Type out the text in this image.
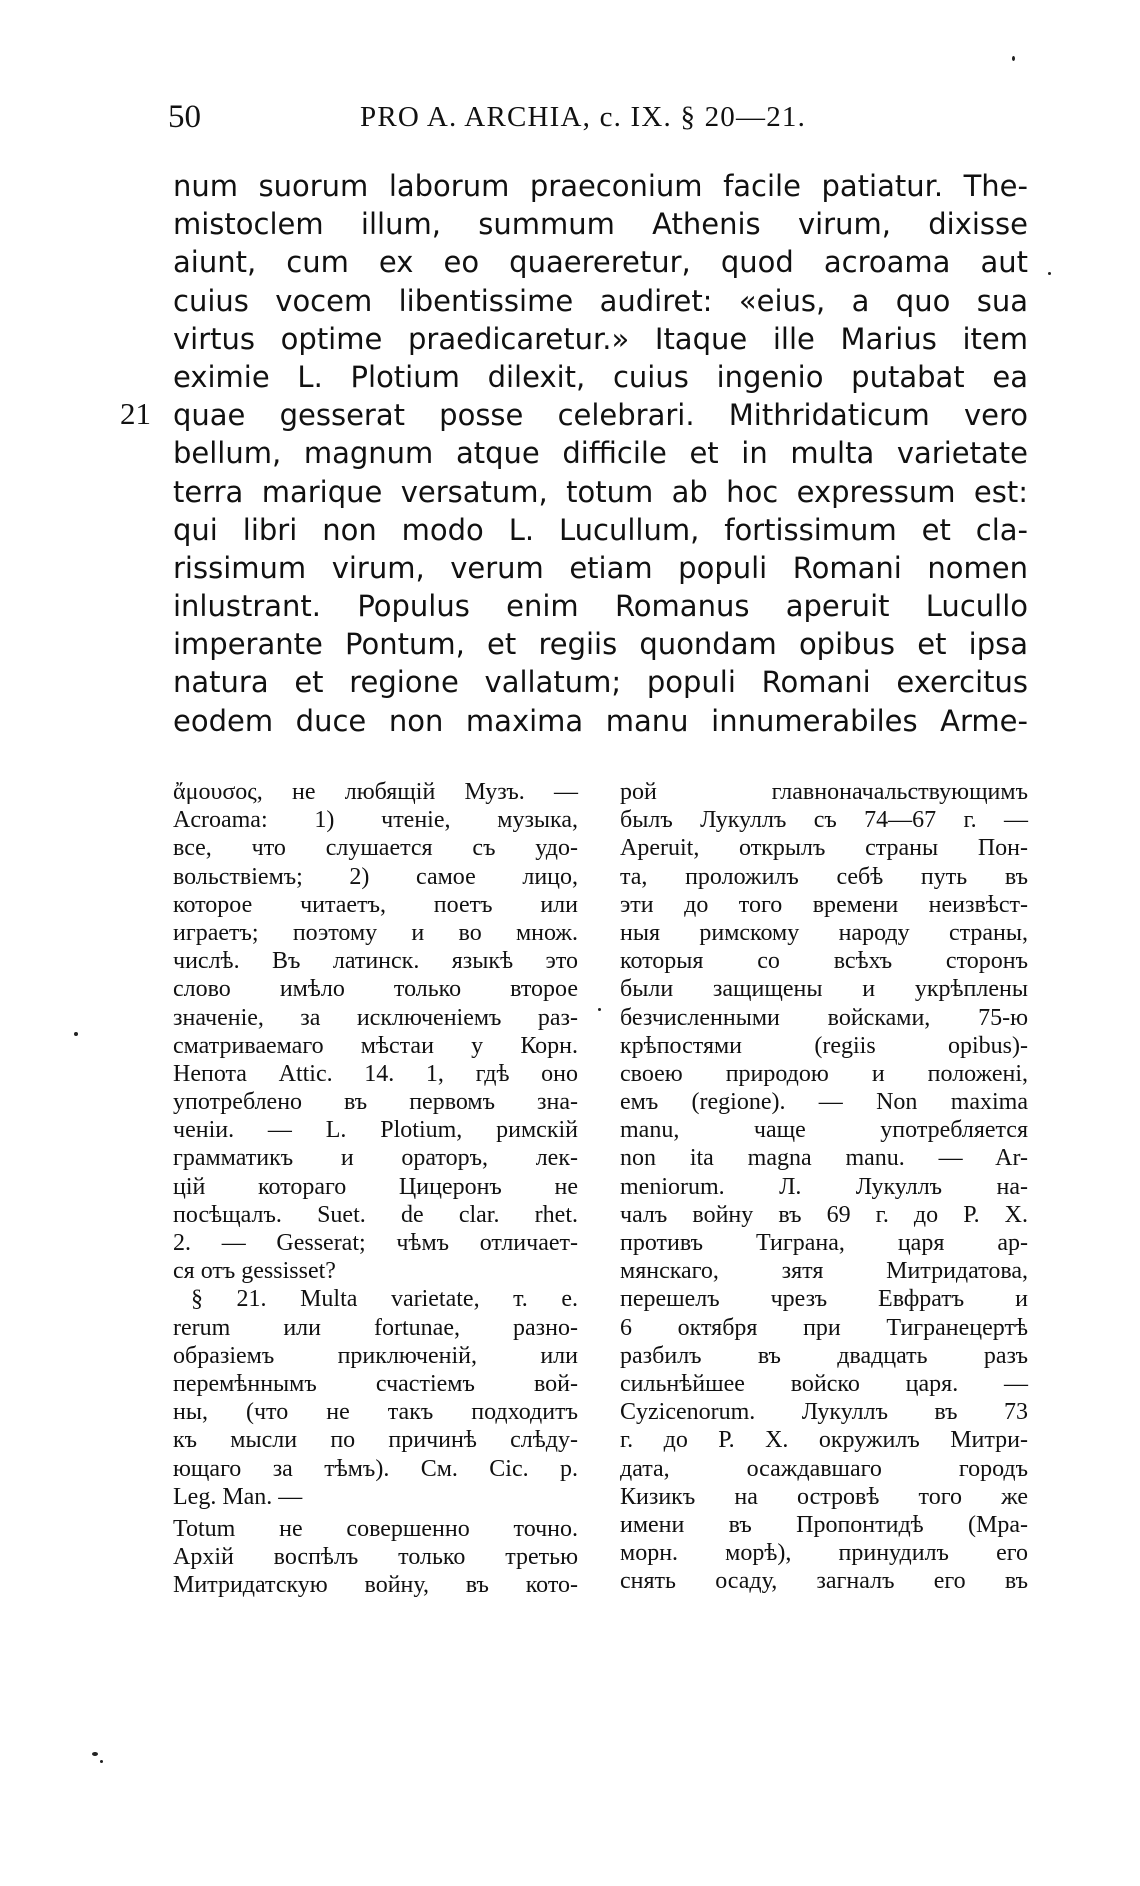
50	PRO A. ARCHIA, c. IX. § 20—21.
21
num suorum laborum praeconium facile patiatur. The-
mistoclem illum, summum Athenis virum, dixisse
aiunt, cum ex eo quaereretur, quod acroama aut
cuius vocem libentissime audiret: «eius, a quo sua
virtus optime praedicaretur.» Itaque ille Marius item
eximie L. Plotium dilexit, cuius ingenio putabat ea
quae gesserat posse celebrari. Mithridaticum vero
bellum, magnum atque difficile et in multa varietate
terra marique versatum, totum ab hoc expressum est:
qui libri non modo L. Lucullum, fortissimum et cla-
rissimum virum, verum etiam populi Romani nomen
inlustrant. Populus enim Romanus aperuit Lucullo
imperante Pontum, et regiis quondam opibus et ipsa
natura et regione vallatum; populi Romani exercitus
eodem duce non maxima manu innumerabiles Arme-
ἄμουσος, не любящій Музъ. —
Acroama: 1) чтеніе, музыка,
все, что слушается съ удо-
вольствіемъ; 2) самое лицо,
которое читаетъ, поетъ или
играетъ; поэтому и во множ.
числѣ. Въ латинск. языкѣ это
слово имѣло только второе
значеніе, за исключеніемъ раз-
сматриваемаго мѣстаи у Корн.
Непота Attic. 14. 1, гдѣ оно
употреблено въ первомъ зна-
ченіи. — L. Plotium, римскій
грамматикъ и ораторъ, лек-
цій котораго Цицеронъ не
посѣщалъ. Suet. de clar. rhet.
2. — Gesserat; чѣмъ отличает-
ся отъ gessisset?
§ 21. Multa varietate, т. е.
rerum или fortunae, разно-
образіемъ приключеній, или
перемѣннымъ счастіемъ вой-
ны, (что не такъ подходитъ
къ мысли по причинѣ слѣду-
ющаго за тѣмъ). См. Cic. p.
Leg. Man. —
Totum не совершенно точно.
Архій воспѣлъ только третью
Митридатскую войну, въ кото-
рой главноначальствующимъ
былъ Лукуллъ съ 74—67 г. —
Aperuit, открылъ страны Пон-
та, проложилъ себѣ путь въ
эти до того времени неизвѣст-
ныя римскому народу страны,
которыя со всѣхъ сторонъ
были защищены и укрѣплены
безчисленными войсками, 75-ю
крѣпостями (regiis opibus)-
своею природою и положені,
емъ (regione). — Non maxima
manu, чаще употребляется
non ita magna manu. — Ar-
meniorum. Л. Лукуллъ на-
чалъ войну въ 69 г. до Р. Х.
противъ Тиграна, царя ар-
мянскаго, зятя Митридатова,
перешелъ чрезъ Евфратъ и
6 октября при Тигранецертѣ
разбилъ въ двадцать разъ
сильнѣйшее войско царя. —
Cyzicenorum. Лукуллъ въ 73
г. до Р. Х. окружилъ Митри-
дата, осаждавшаго городъ
Кизикъ на островѣ того же
имени въ Пропонтидѣ (Мра-
морн. морѣ), принудилъ его
снять осаду, загналъ его въ
